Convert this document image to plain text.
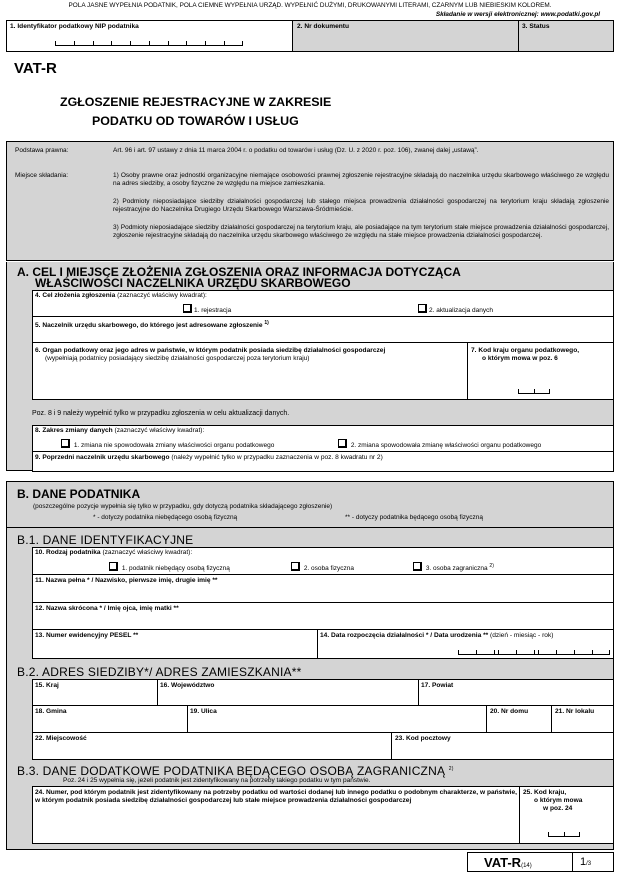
POLA JASNE WYPEŁNIA PODATNIK, POLA CIEMNE WYPEŁNIA URZĄD. WYPEŁNIĆ DUŻYMI, DRUKOWANYMI LITERAMI, CZARNYM LUB NIEBIESKIM KOLOREM.
Składanie w wersji elektronicznej: www.podatki.gov.pl
1. Identyfikator podatkowy NIP podatnika	2. Nr dokumentu	3. Status
VAT-R
ZGŁOSZENIE REJESTRACYJNE W ZAKRESIE
PODATKU OD TOWARÓW I USŁUG
Podstawa prawna:	Art. 96 i art. 97 ustawy z dnia 11 marca 2004 r. o podatku od towarów i usług (Dz. U. z 2020 r. poz. 106), zwanej dalej „ustawą”.
Miejsce składania:	1) Osoby prawne oraz jednostki organizacyjne niemające osobowości prawnej zgłoszenie rejestracyjne składają do naczelnika urzędu skarbowego właściwego ze względu na adres siedziby, a osoby fizyczne ze względu na miejsce zamieszkania.
2) Podmioty nieposiadające siedziby działalności gospodarczej lub stałego miejsca prowadzenia działalności gospodarczej na terytorium kraju składają zgłoszenie rejestracyjne do Naczelnika Drugiego Urzędu Skarbowego Warszawa-Śródmieście.
3) Podmioty nieposiadające siedziby działalności gospodarczej na terytorium kraju, ale posiadające na tym terytorium stałe miejsce prowadzenia działalności gospodarczej, zgłoszenie rejestracyjne składają do naczelnika urzędu skarbowego właściwego ze względu na stałe miejsce prowadzenia działalności gospodarczej.
A. CEL I MIEJSCE ZŁOŻENIA ZGŁOSZENIA ORAZ INFORMACJA DOTYCZĄCA
WŁAŚCIWOŚCI NACZELNIKA URZĘDU SKARBOWEGO
4. Cel złożenia zgłoszenia (zaznaczyć właściwy kwadrat):
1. rejestracja	2. aktualizacja danych
5. Naczelnik urzędu skarbowego, do którego jest adresowane zgłoszenie $^{1)}$
6. Organ podatkowy oraz jego adres w państwie, w którym podatnik posiada siedzibę działalności gospodarczej
(wypełniają podatnicy posiadający siedzibę działalności gospodarczej poza terytorium kraju)
7. Kod kraju organu podatkowego,
o którym mowa w poz. 6
Poz. 8 i 9 należy wypełnić tylko w przypadku zgłoszenia w celu aktualizacji danych.
8. Zakres zmiany danych (zaznaczyć właściwy kwadrat):
1. zmiana nie spowodowała zmiany właściwości organu podatkowego	2. zmiana spowodowała zmianę właściwości organu podatkowego
9. Poprzedni naczelnik urzędu skarbowego (należy wypełnić tylko w przypadku zaznaczenia w poz. 8 kwadratu nr 2)
B. DANE PODATNIKA
(poszczególne pozycje wypełnia się tylko w przypadku, gdy dotyczą podatnika składającego zgłoszenie)
* - dotyczy podatnika niebędącego osobą fizyczną	** - dotyczy podatnika będącego osobą fizyczną
B.1. DANE IDENTYFIKACYJNE
B.2. ADRES SIEDZIBY*/ ADRES ZAMIESZKANIA**
B.3. DANE DODATKOWE PODATNIKA BĘDĄCEGO OSOBĄ ZAGRANICZNĄ $^{2)}$
Poz. 24 i 25 wypełnia się, jeżeli podatnik jest zidentyfikowany na potrzeby takiego podatku w tym państwie.
10. Rodzaj podatnika (zaznaczyć właściwy kwadrat):
1. podatnik niebędący osobą fizyczną	2. osoba fizyczna	3. osoba zagraniczna $^{2)}$
11. Nazwa pełna * / Nazwisko, pierwsze imię, drugie imię **
12. Nazwa skrócona * / Imię ojca, imię matki **
13. Numer ewidencyjny PESEL **	14. Data rozpoczęcia działalności * / Data urodzenia ** (dzień - miesiąc - rok)
15. Kraj	16. Województwo	17. Powiat
18. Gmina	19. Ulica	20. Nr domu	21. Nr lokalu
22. Miejscowość	23. Kod pocztowy
24. Numer, pod którym podatnik jest zidentyfikowany na potrzeby podatku od wartości dodanej lub innego podatku o podobnym charakterze, w państwie, w którym podatnik posiada siedzibę działalności gospodarczej lub stałe miejsce prowadzenia działalności gospodarczej
25. Kod kraju,
o którym mowa
w poz. 24
VAT-R(14)	1/3
